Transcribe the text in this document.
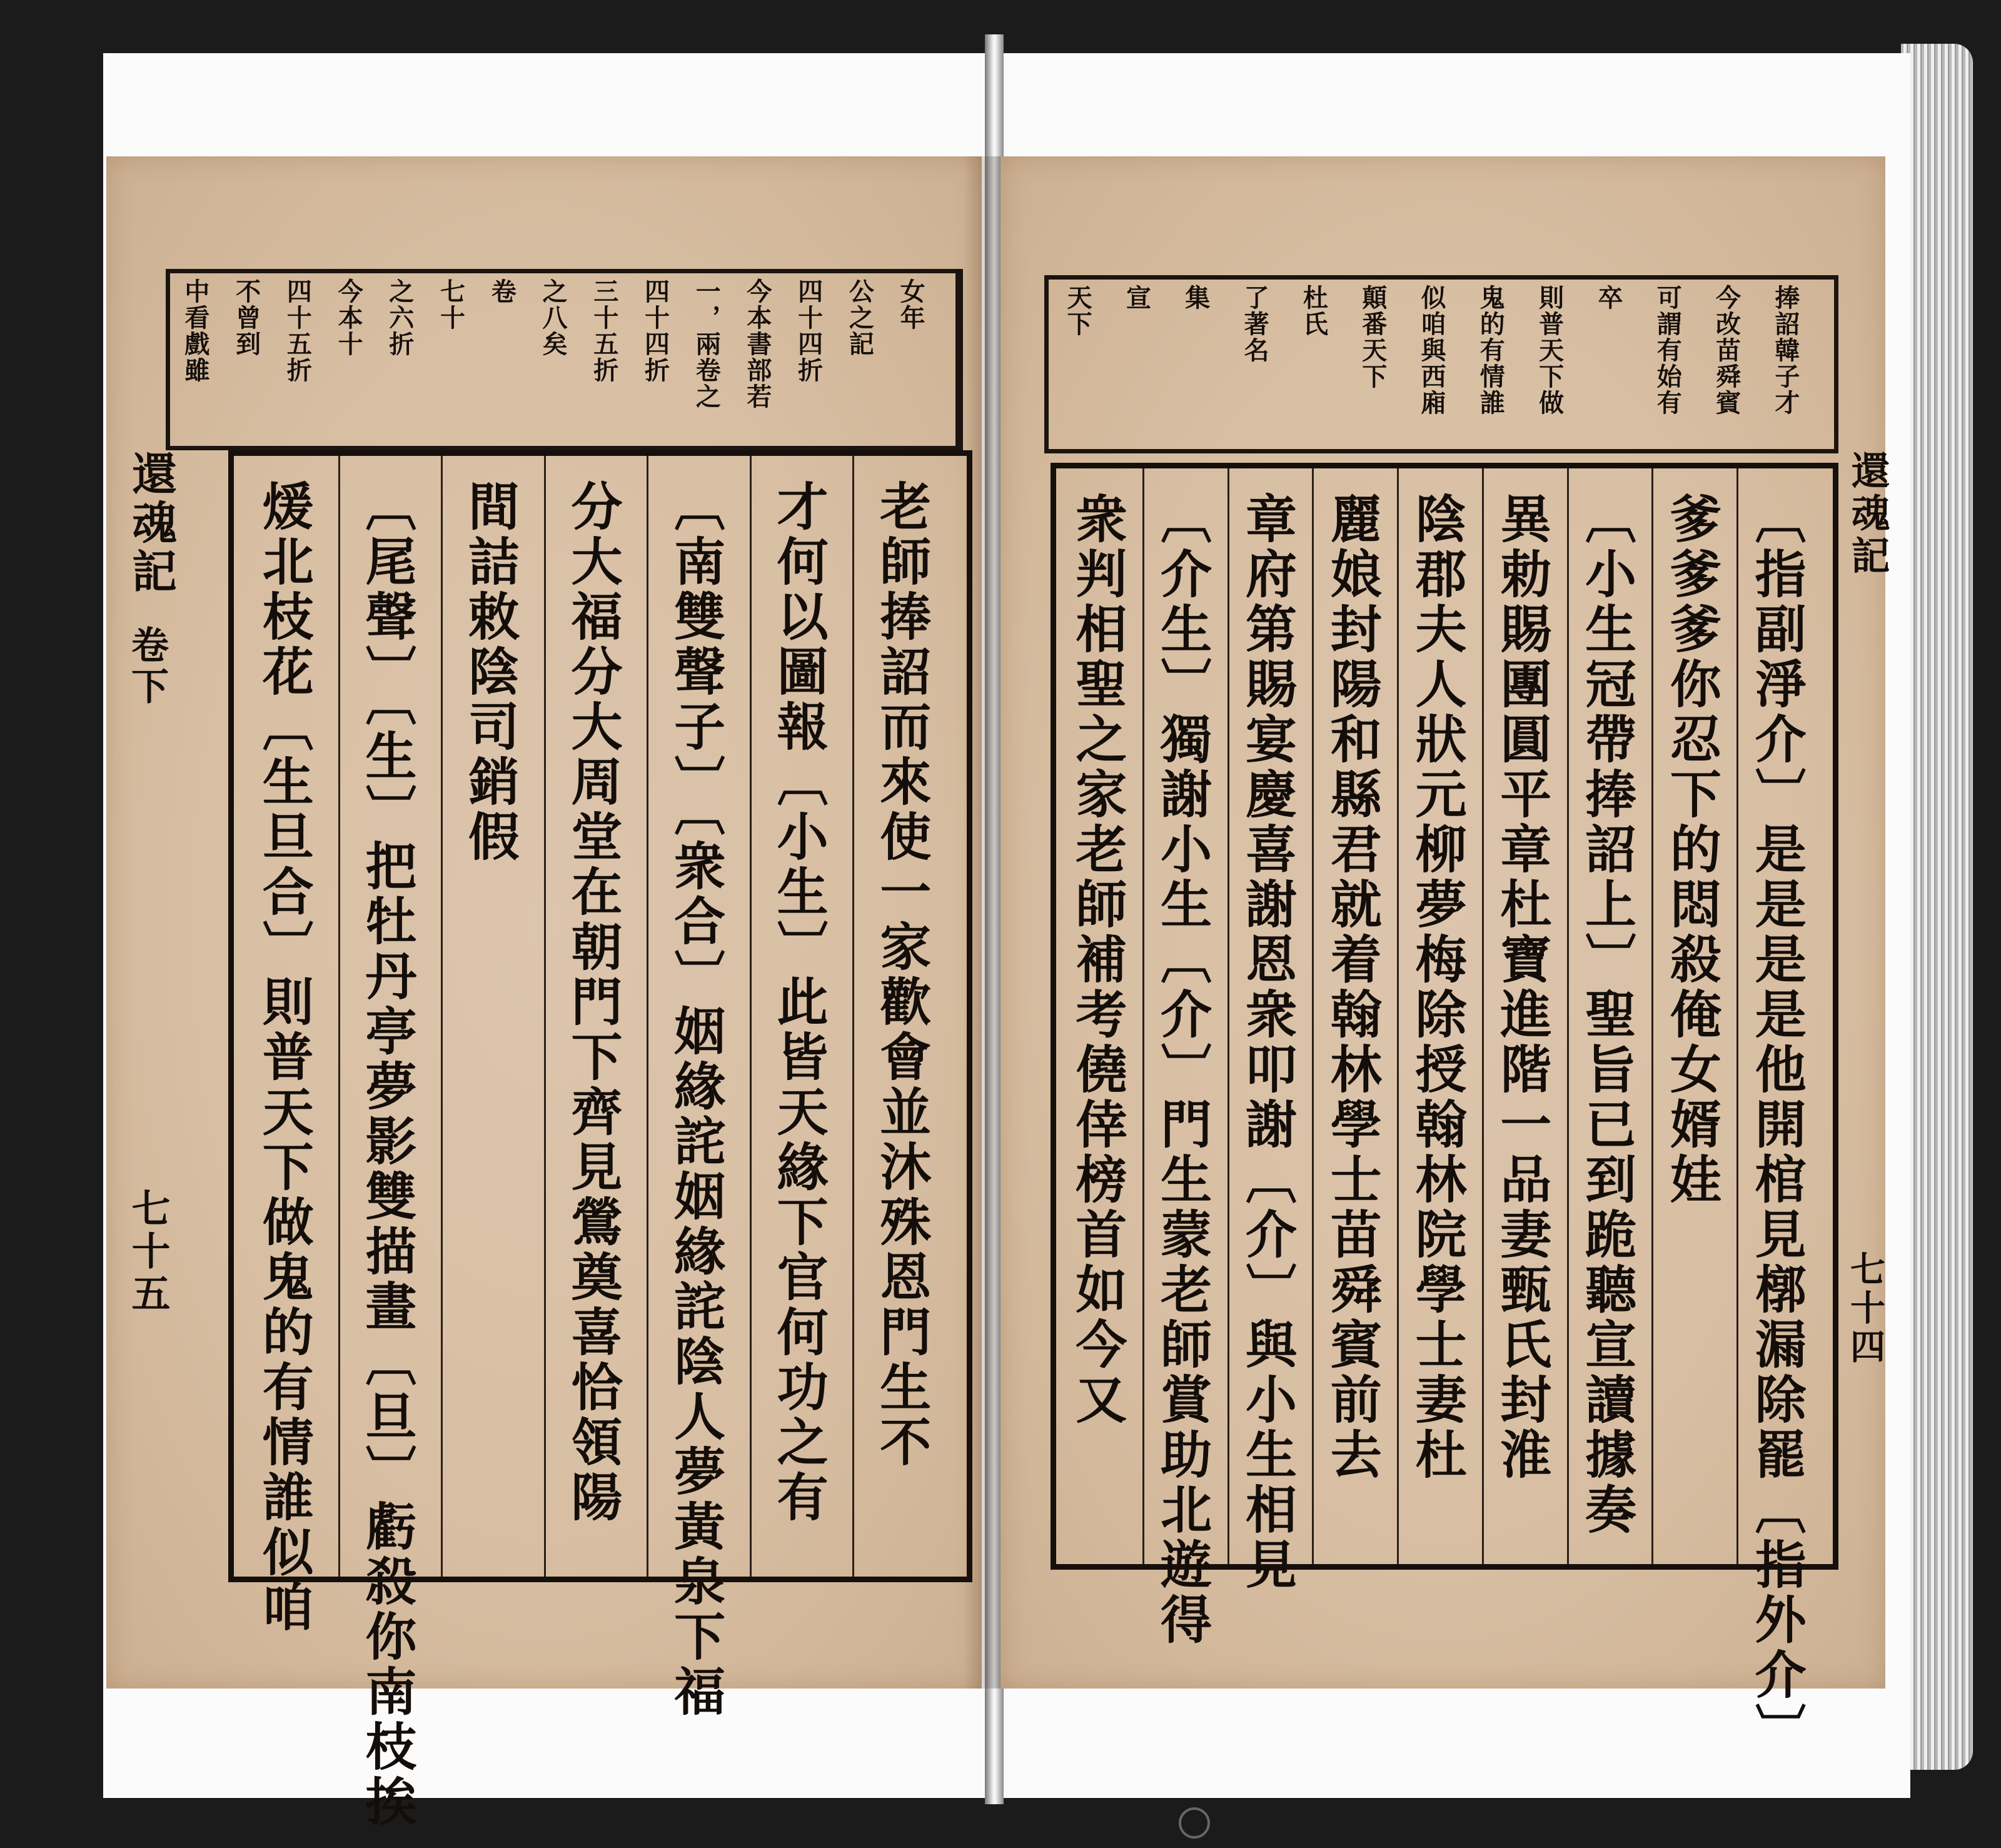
女年
公之記
四十四折
今本書部若
一，兩卷之
四十四折
三十五折
之八矣
卷
七十
之六折
今本十
四十五折
不曾到
中看戲雖
老師捧詔而來使一家歡會並沐殊恩門生不
才何以圖報〔小生〕此皆天緣下官何功之有
〔南雙聲子〕〔衆合〕姻緣詫姻緣詫陰人夢黃泉下福
分大福分大周堂在朝門下齊見鶯奠喜恰領陽
間詰敕陰司銷假
〔尾聲〕〔生〕把牡丹亭夢影雙描畫〔旦〕虧殺你南枝挨
煖北枝花〔生旦合〕則普天下做鬼的有情誰似咱
還魂記
卷下
七十五
捧詔韓子才
今改苗舜賓
可謂有始有
卒
則普天下做
鬼的有情誰
似咱與西廂
顛番天下
杜氏
了著名
集
宣
天下
〔指副淨介〕是是是是他開棺見槨漏除罷〔指外介〕
爹爹爹你忍下的悶殺俺女婿娃
〔小生冠帶捧詔上〕聖旨已到跪聽宣讀據奏
異勅賜團圓平章杜寶進階一品妻甄氏封淮
陰郡夫人狀元柳夢梅除授翰林院學士妻杜
麗娘封陽和縣君就着翰林學士苗舜賓前去
章府第賜宴慶喜謝恩衆叩謝〔介〕與小生相見
〔介生〕獨謝小生〔介〕門生蒙老師賞助北遊得
衆判相聖之家老師補考僥倖榜首如今又	還魂記
七十四
